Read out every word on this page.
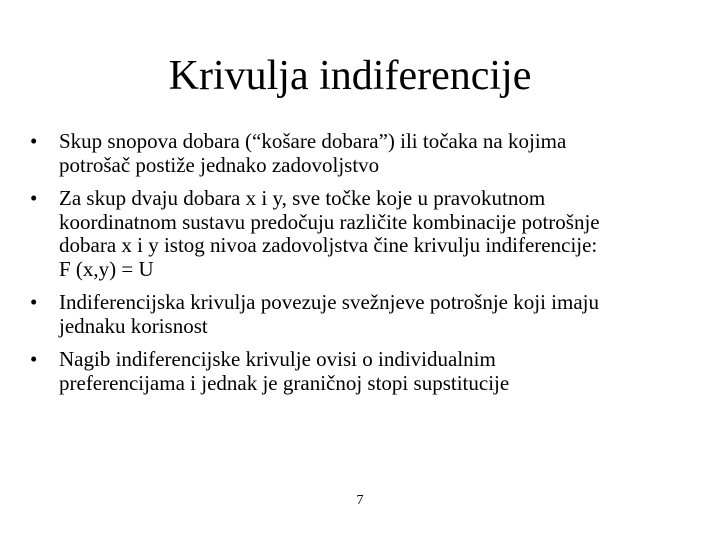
Krivulja indiferencije
• Skup snopova dobara (“košare dobara”) ili točaka na kojima
potrošač postiže jednako zadovoljstvo
• Za skup dvaju dobara x i y, sve točke koje u pravokutnom
koordinatnom sustavu predočuju različite kombinacije potrošnje
dobara x i y istog nivoa zadovoljstva čine krivulju indiferencije:
F (x,y) = U
• Indiferencijska krivulja povezuje svežnjeve potrošnje koji imaju
jednaku korisnost
• Nagib indiferencijske krivulje ovisi o individualnim
preferencijama i jednak je graničnoj stopi supstitucije
7
